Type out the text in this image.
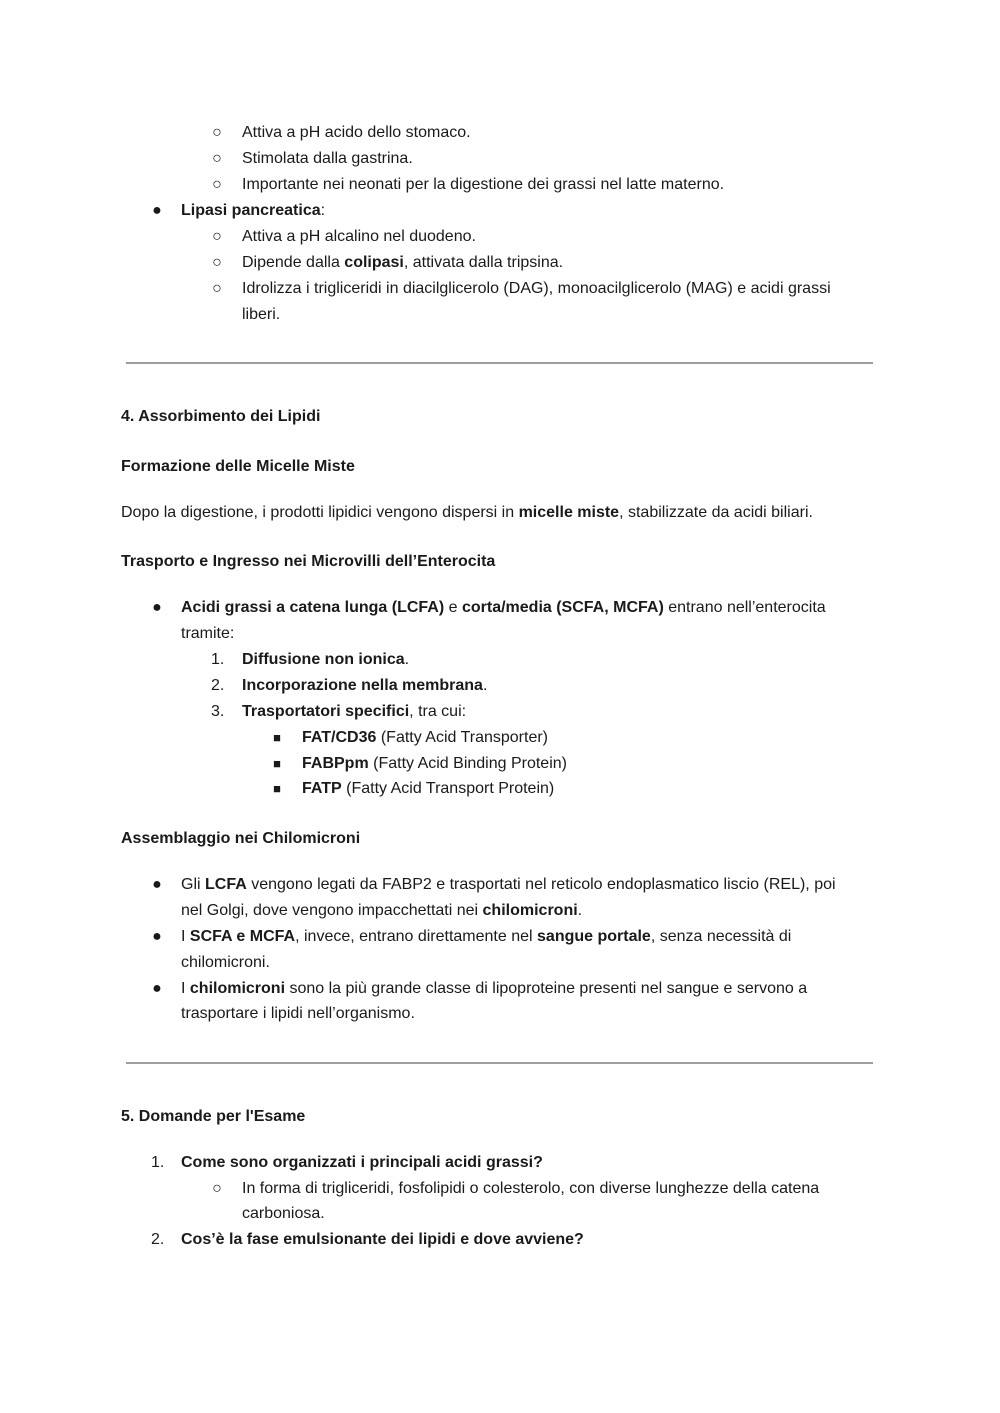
○	Attiva a pH acido dello stomaco.
○	Stimolata dalla gastrina.
○	Importante nei neonati per la digestione dei grassi nel latte materno.
●	Lipasi pancreatica:
○	Attiva a pH alcalino nel duodeno.
○	Dipende dalla colipasi, attivata dalla tripsina.
○	Idrolizza i trigliceridi in diacilglicerolo (DAG), monoacilglicerolo (MAG) e acidi grassi
liberi.
4. Assorbimento dei Lipidi
Formazione delle Micelle Miste
Dopo la digestione, i prodotti lipidici vengono dispersi in micelle miste, stabilizzate da acidi biliari.
Trasporto e Ingresso nei Microvilli dell’Enterocita
●	Acidi grassi a catena lunga (LCFA) e corta/media (SCFA, MCFA) entrano nell’enterocita
tramite:
1. Diffusione non ionica.
2. Incorporazione nella membrana.
3. Trasportatori specifici, tra cui:
■	FAT/CD36 (Fatty Acid Transporter)
■	FABPpm (Fatty Acid Binding Protein)
■	FATP (Fatty Acid Transport Protein)
Assemblaggio nei Chilomicroni
●	Gli LCFA vengono legati da FABP2 e trasportati nel reticolo endoplasmatico liscio (REL), poi
nel Golgi, dove vengono impacchettati nei chilomicroni.
●	I SCFA e MCFA, invece, entrano direttamente nel sangue portale, senza necessità di
chilomicroni.
●	I chilomicroni sono la più grande classe di lipoproteine presenti nel sangue e servono a
trasportare i lipidi nell’organismo.
5. Domande per l'Esame
1. Come sono organizzati i principali acidi grassi?
○	In forma di trigliceridi, fosfolipidi o colesterolo, con diverse lunghezze della catena
carboniosa.
2. Cos’è la fase emulsionante dei lipidi e dove avviene?
